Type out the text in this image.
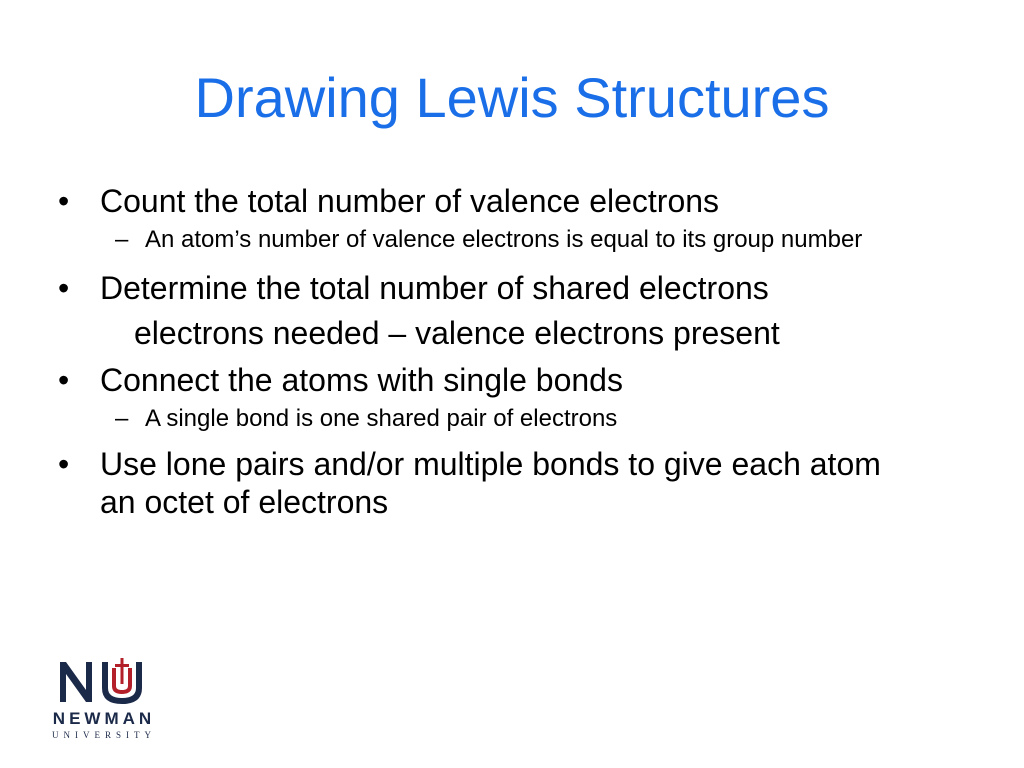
Drawing Lewis Structures
• Count the total number of valence electrons
– An atom’s number of valence electrons is equal to its group number
• Determine the total number of shared electrons
electrons needed – valence electrons present
• Connect the atoms with single bonds
– A single bond is one shared pair of electrons
• Use lone pairs and/or multiple bonds to give each atom an octet of electrons
NEWMAN
UNIVERSITY
